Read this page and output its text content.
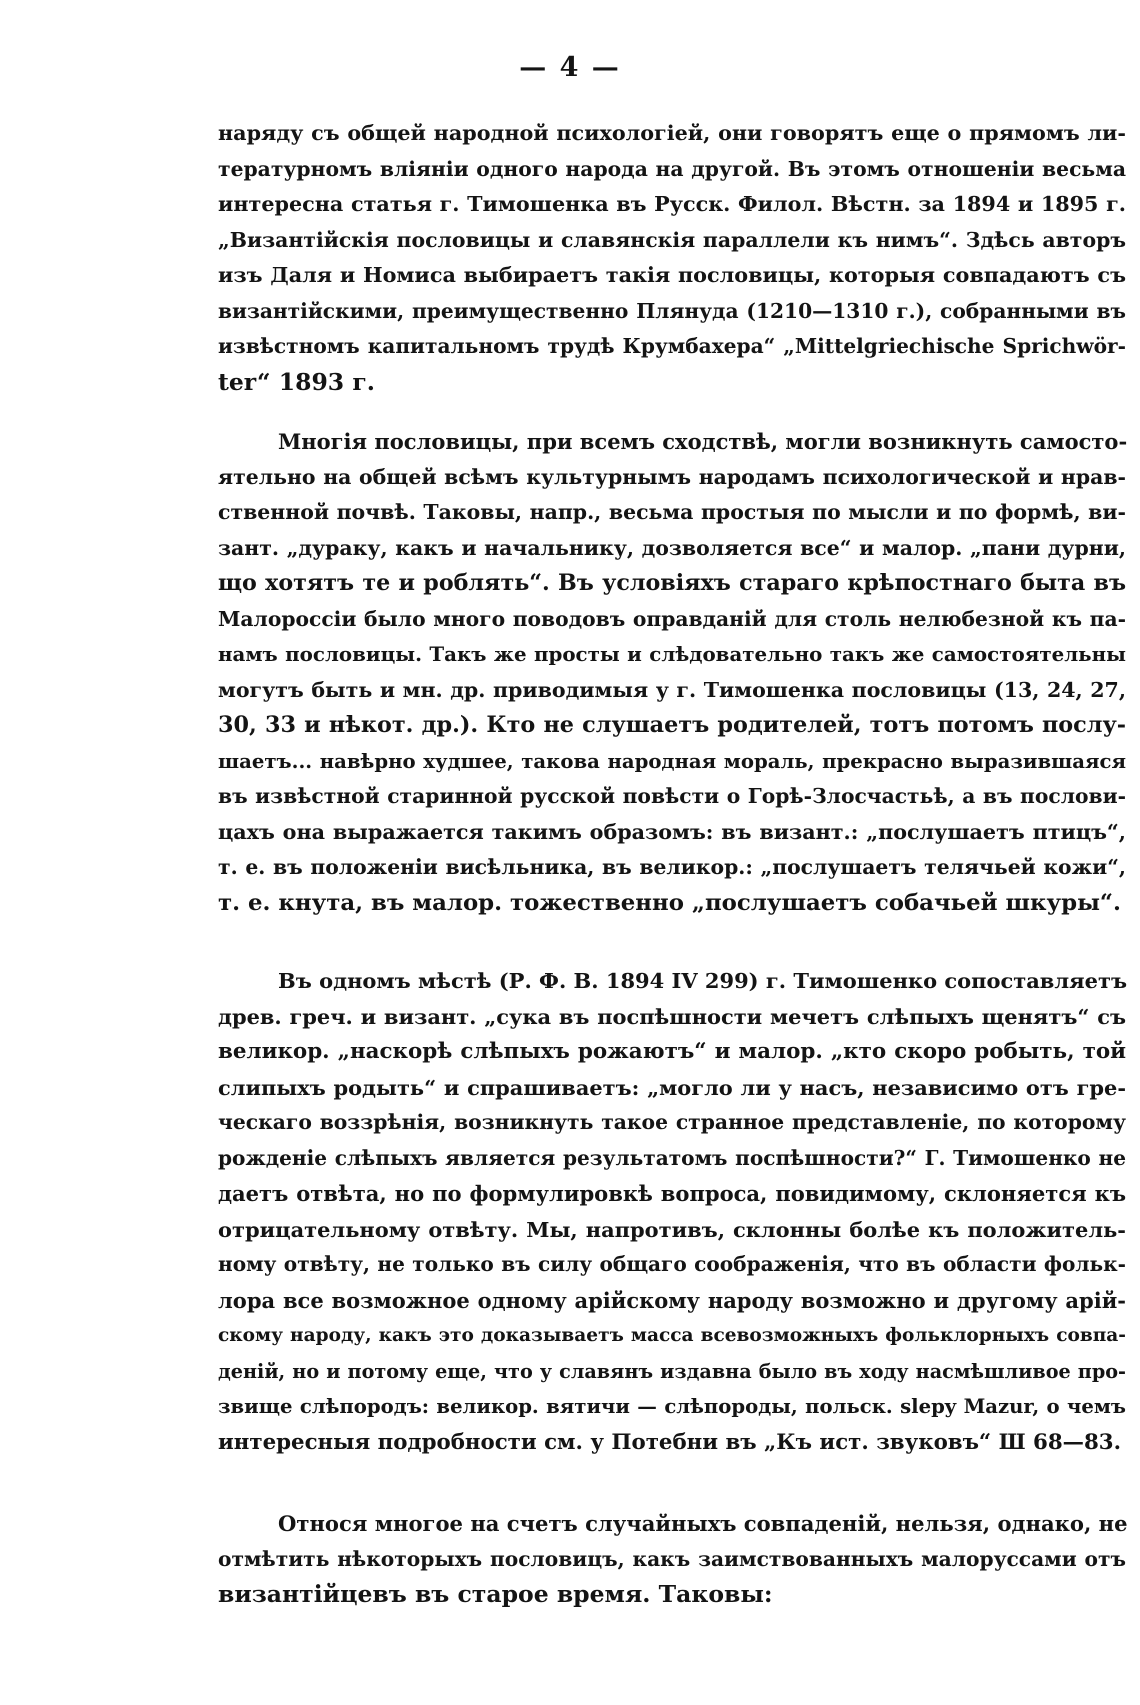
— 4 —
наряду съ общей народной психологіей, они говорятъ еще о прямомъ ли-
тературномъ вліяніи одного народа на другой. Въ этомъ отношеніи весьма
интересна статья г. Тимошенка въ Русск. Филол. Вѣстн. за 1894 и 1895 г.
„Византійскія пословицы и славянскія параллели къ нимъ“. Здѣсь авторъ
изъ Даля и Номиса выбираетъ такія пословицы, которыя совпадаютъ съ
византійскими, преимущественно Плянуда (1210—1310 г.), собранными въ
извѣстномъ капитальномъ трудѣ Крумбахера“ „Mittelgriechische Sprichwör-
ter“ 1893 г.
Многія пословицы, при всемъ сходствѣ, могли возникнуть самосто-
ятельно на общей всѣмъ культурнымъ народамъ психологической и нрав-
ственной почвѣ. Таковы, напр., весьма простыя по мысли и по формѣ, ви-
зант. „дураку, какъ и начальнику, дозволяется все“ и малор. „пани дурни,
що хотятъ те и роблять“. Въ условіяхъ стараго крѣпостнаго быта въ
Малороссіи было много поводовъ оправданій для столь нелюбезной къ па-
намъ пословицы. Такъ же просты и слѣдовательно такъ же самостоятельны
могутъ быть и мн. др. приводимыя у г. Тимошенка пословицы (13, 24, 27,
30, 33 и нѣкот. др.). Кто не слушаетъ родителей, тотъ потомъ послу-
шаетъ... навѣрно худшее, такова народная мораль, прекрасно выразившаяся
въ извѣстной старинной русской повѣсти о Горѣ-Злосчастьѣ, а въ послови-
цахъ она выражается такимъ образомъ: въ визант.: „послушаетъ птицъ“,
т. е. въ положеніи висѣльника, въ великор.: „послушаетъ телячьей кожи“,
т. е. кнута, въ малор. тожественно „послушаетъ собачьей шкуры“.
Въ одномъ мѣстѣ (Р. Ф. В. 1894 IV 299) г. Тимошенко сопоставляетъ
древ. греч. и визант. „сука въ поспѣшности мечетъ слѣпыхъ щенятъ“ съ
великор. „наскорѣ слѣпыхъ рожаютъ“ и малор. „кто скоро робыть, той
слипыхъ родыть“ и спрашиваетъ: „могло ли у насъ, независимо отъ гре-
ческаго воззрѣнія, возникнуть такое странное представленіе, по которому
рожденіе слѣпыхъ является результатомъ поспѣшности?“ Г. Тимошенко не
даетъ отвѣта, но по формулировкѣ вопроса, повидимому, склоняется къ
отрицательному отвѣту. Мы, напротивъ, склонны болѣе къ положитель-
ному отвѣту, не только въ силу общаго соображенія, что въ области фольк-
лора все возможное одному арійскому народу возможно и другому арій-
скому народу, какъ это доказываетъ масса всевозможныхъ фольклорныхъ совпа-
деній, но и потому еще, что у славянъ издавна было въ ходу насмѣшливое про-
звище слѣпородъ: великор. вятичи — слѣпороды, польск. slepy Mazur, о чемъ
интересныя подробности см. у Потебни въ „Къ ист. звуковъ“ Ш 68—83.
Относя многое на счетъ случайныхъ совпаденій, нельзя, однако, не
отмѣтить нѣкоторыхъ пословицъ, какъ заимствованныхъ малоруссами отъ
византійцевъ въ старое время. Таковы:
